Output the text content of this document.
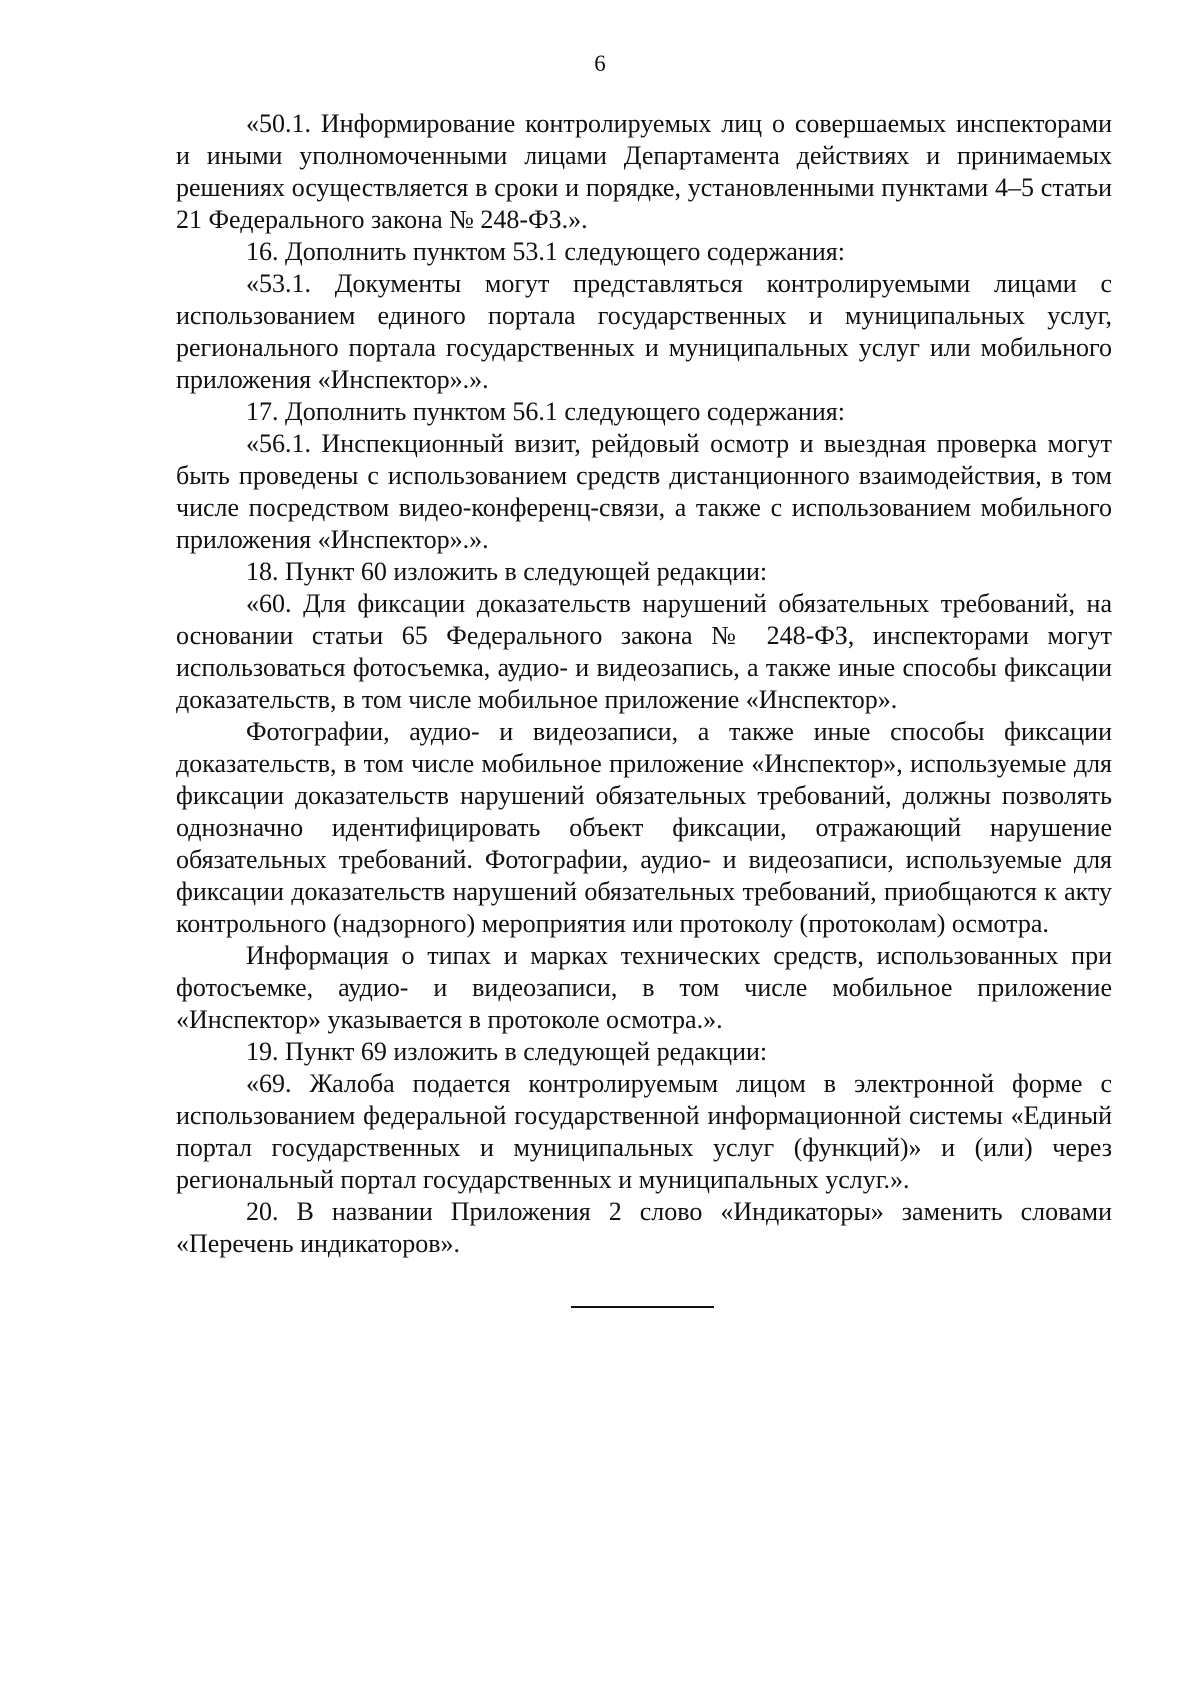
6

«50.1. Информирование контролируемых лиц о совершаемых инспекторами и иными уполномоченными лицами Департамента действиях и принимаемых решениях осуществляется в сроки и порядке, установленными пунктами 4–5 статьи 21 Федерального закона № 248-ФЗ.».

16. Дополнить пунктом 53.1 следующего содержания:

«53.1. Документы могут представляться контролируемыми лицами с использованием единого портала государственных и муниципальных услуг, регионального портала государственных и муниципальных услуг или мобильного приложения «Инспектор».».

17. Дополнить пунктом 56.1 следующего содержания:

«56.1. Инспекционный визит, рейдовый осмотр и выездная проверка могут быть проведены с использованием средств дистанционного взаимодействия, в том числе посредством видео-конференц-связи, а также с использованием мобильного приложения «Инспектор».».

18. Пункт 60 изложить в следующей редакции:

«60. Для фиксации доказательств нарушений обязательных требований, на основании статьи 65 Федерального закона № 248-ФЗ, инспекторами могут использоваться фотосъемка, аудио- и видеозапись, а также иные способы фиксации доказательств, в том числе мобильное приложение «Инспектор».

Фотографии, аудио- и видеозаписи, а также иные способы фиксации доказательств, в том числе мобильное приложение «Инспектор», используемые для фиксации доказательств нарушений обязательных требований, должны позволять однозначно идентифицировать объект фиксации, отражающий нарушение обязательных требований. Фотографии, аудио- и видеозаписи, используемые для фиксации доказательств нарушений обязательных требований, приобщаются к акту контрольного (надзорного) мероприятия или протоколу (протоколам) осмотра.

Информация о типах и марках технических средств, использованных при фотосъемке, аудио- и видеозаписи, в том числе мобильное приложение «Инспектор» указывается в протоколе осмотра.».

19. Пункт 69 изложить в следующей редакции:

«69. Жалоба подается контролируемым лицом в электронной форме с использованием федеральной государственной информационной системы «Единый портал государственных и муниципальных услуг (функций)» и (или) через региональный портал государственных и муниципальных услуг.».

20. В названии Приложения 2 слово «Индикаторы» заменить словами «Перечень индикаторов».
